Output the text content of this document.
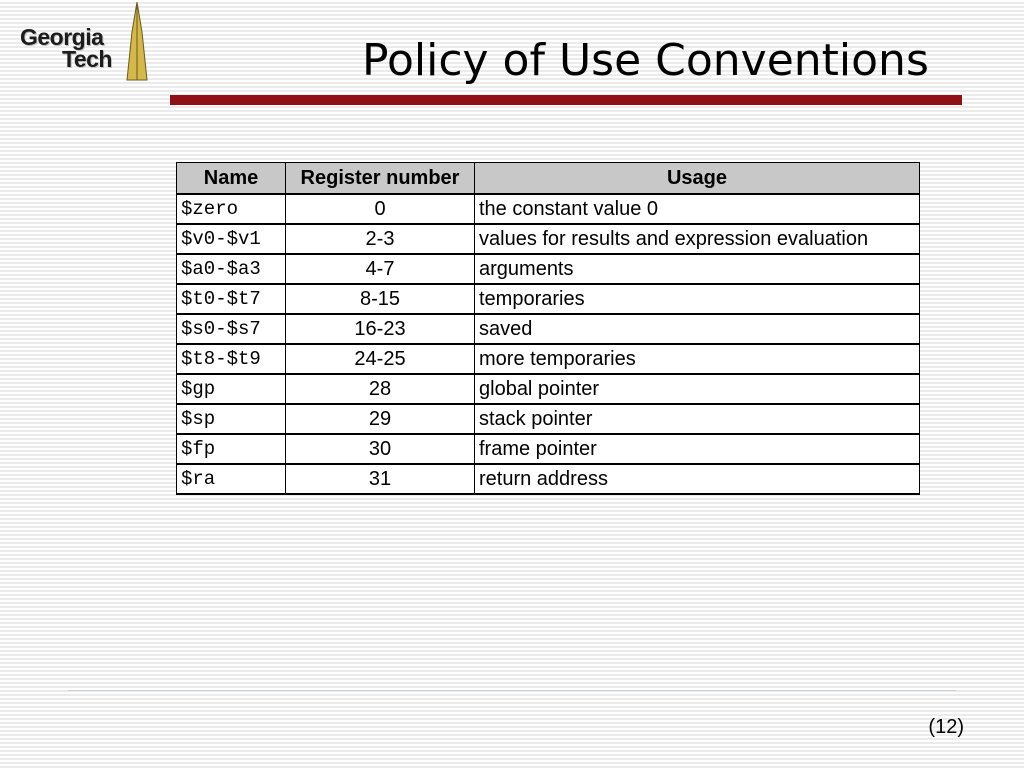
Georgia
Tech	Policy of Use Conventions
Name	Register number	Usage
$zero	0	the constant value 0
$v0-$v1	2-3	values for results and expression evaluation
$a0-$a3	4-7	arguments
$t0-$t7	8-15	temporaries
$s0-$s7	16-23	saved
$t8-$t9	24-25	more temporaries
$gp	28	global pointer
$sp	29	stack pointer
$fp	30	frame pointer
$ra	31	return address
(12)
